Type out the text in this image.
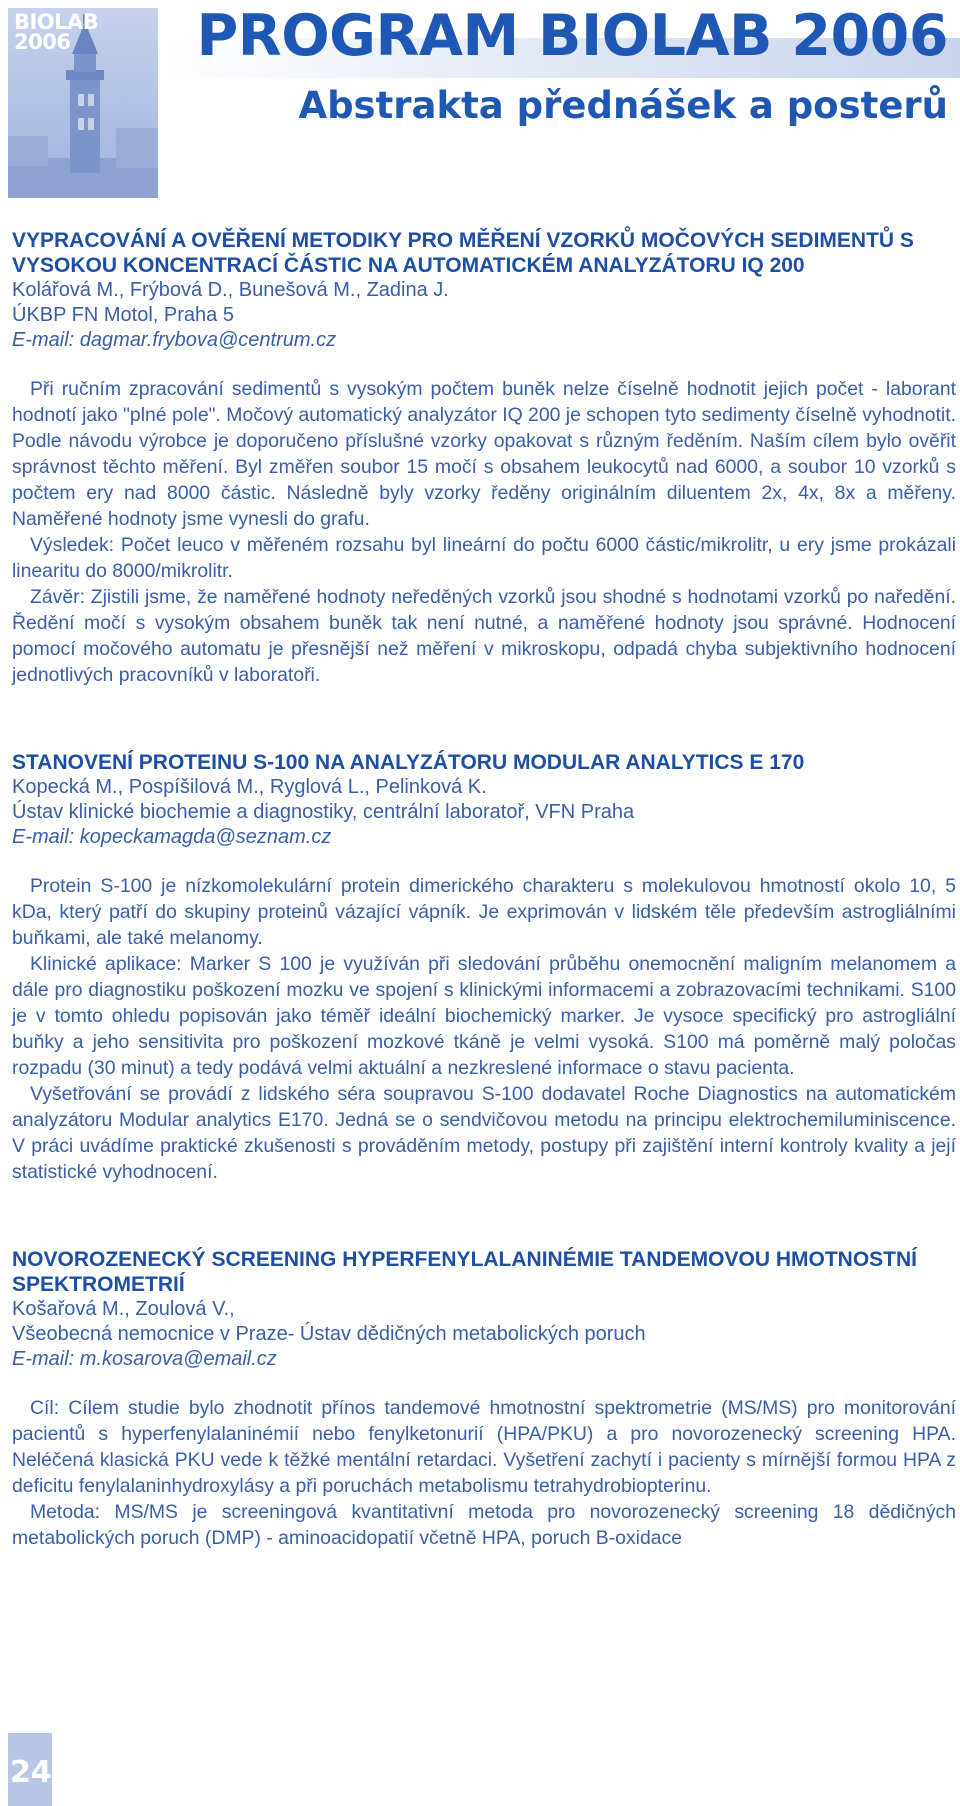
BIOLAB
2006	PROGRAM BIOLAB 2006
Abstrakta přednášek a posterů
VYPRACOVÁNÍ A OVĚŘENÍ METODIKY PRO MĚŘENÍ VZORKŮ MOČOVÝCH SEDIMENTŮ S VYSOKOU KONCENTRACÍ ČÁSTIC NA AUTOMATICKÉM ANALYZÁTORU IQ 200
Kolářová M., Frýbová D., Bunešová M., Zadina J.
ÚKBP FN Motol, Praha 5
E-mail: dagmar.frybova@centrum.cz

Při ručním zpracování sedimentů s vysokým počtem buněk nelze číselně hodnotit jejich počet - laborant hodnotí jako "plné pole". Močový automatický analyzátor IQ 200 je schopen tyto sedimenty číselně vyhodnotit. Podle návodu výrobce je doporučeno příslušné vzorky opakovat s různým ředěním. Naším cílem bylo ověřit správnost těchto měření. Byl změřen soubor 15 močí s obsahem leukocytů nad 6000, a soubor 10 vzorků s počtem ery nad 8000 částic. Následně byly vzorky ředěny originálním diluentem 2x, 4x, 8x a měřeny. Naměřené hodnoty jsme vynesli do grafu.

Výsledek: Počet leuco v měřeném rozsahu byl lineární do počtu 6000 částic/mikrolitr, u ery jsme prokázali linearitu do 8000/mikrolitr.

Závěr: Zjistili jsme, že naměřené hodnoty neředěných vzorků jsou shodné s hodnotami vzorků po naředění. Ředění močí s vysokým obsahem buněk tak není nutné, a naměřené hodnoty jsou správné. Hodnocení pomocí močového automatu je přesnější než měření v mikroskopu, odpadá chyba subjektivního hodnocení jednotlivých pracovníků v laboratoři.

STANOVENÍ PROTEINU S-100 NA ANALYZÁTORU MODULAR ANALYTICS E 170
Kopecká M., Pospíšilová M., Ryglová L., Pelinková K.
Ústav klinické biochemie a diagnostiky, centrální laboratoř, VFN Praha
E-mail: kopeckamagda@seznam.cz

Protein S-100 je nízkomolekulární protein dimerického charakteru s molekulovou hmotností okolo 10, 5 kDa, který patří do skupiny proteinů vázající vápník. Je exprimován v lidském těle především astrogliálními buňkami, ale také melanomy.

Klinické aplikace: Marker S 100 je využíván při sledování průběhu onemocnění maligním melanomem a dále pro diagnostiku poškození mozku ve spojení s klinickými informacemi a zobrazovacími technikami. S100 je v tomto ohledu popisován jako téměř ideální biochemický marker. Je vysoce specifický pro astrogliální buňky a jeho sensitivita pro poškození mozkové tkáně je velmi vysoká. S100 má poměrně malý poločas rozpadu (30 minut) a tedy podává velmi aktuální a nezkreslené informace o stavu pacienta.

Vyšetřování se provádí z lidského séra soupravou S-100 dodavatel Roche Diagnostics na automatickém analyzátoru Modular analytics E170. Jedná se o sendvičovou metodu na principu elektrochemiluminiscence. V práci uvádíme praktické zkušenosti s prováděním metody, postupy při zajištění interní kontroly kvality a její statistické vyhodnocení.

NOVOROZENECKÝ SCREENING HYPERFENYLALANINÉMIE TANDEMOVOU HMOTNOSTNÍ SPEKTROMETRIÍ
Košařová M., Zoulová V.,
Všeobecná nemocnice v Praze- Ústav dědičných metabolických poruch
E-mail: m.kosarova@email.cz

Cíl: Cílem studie bylo zhodnotit přínos tandemové hmotnostní spektrometrie (MS/MS) pro monitorování pacientů s hyperfenylalaninémií nebo fenylketonurií (HPA/PKU) a pro novorozenecký screening HPA. Neléčená klasická PKU vede k těžké mentální retardaci. Vyšetření zachytí i pacienty s mírnější formou HPA z deficitu fenylalaninhydroxylásy a při poruchách metabolismu tetrahydrobiopterinu.

Metoda: MS/MS je screeningová kvantitativní metoda pro novorozenecký screening 18 dědičných metabolických poruch (DMP) - aminoacidopatií včetně HPA, poruch B-oxidace

24
